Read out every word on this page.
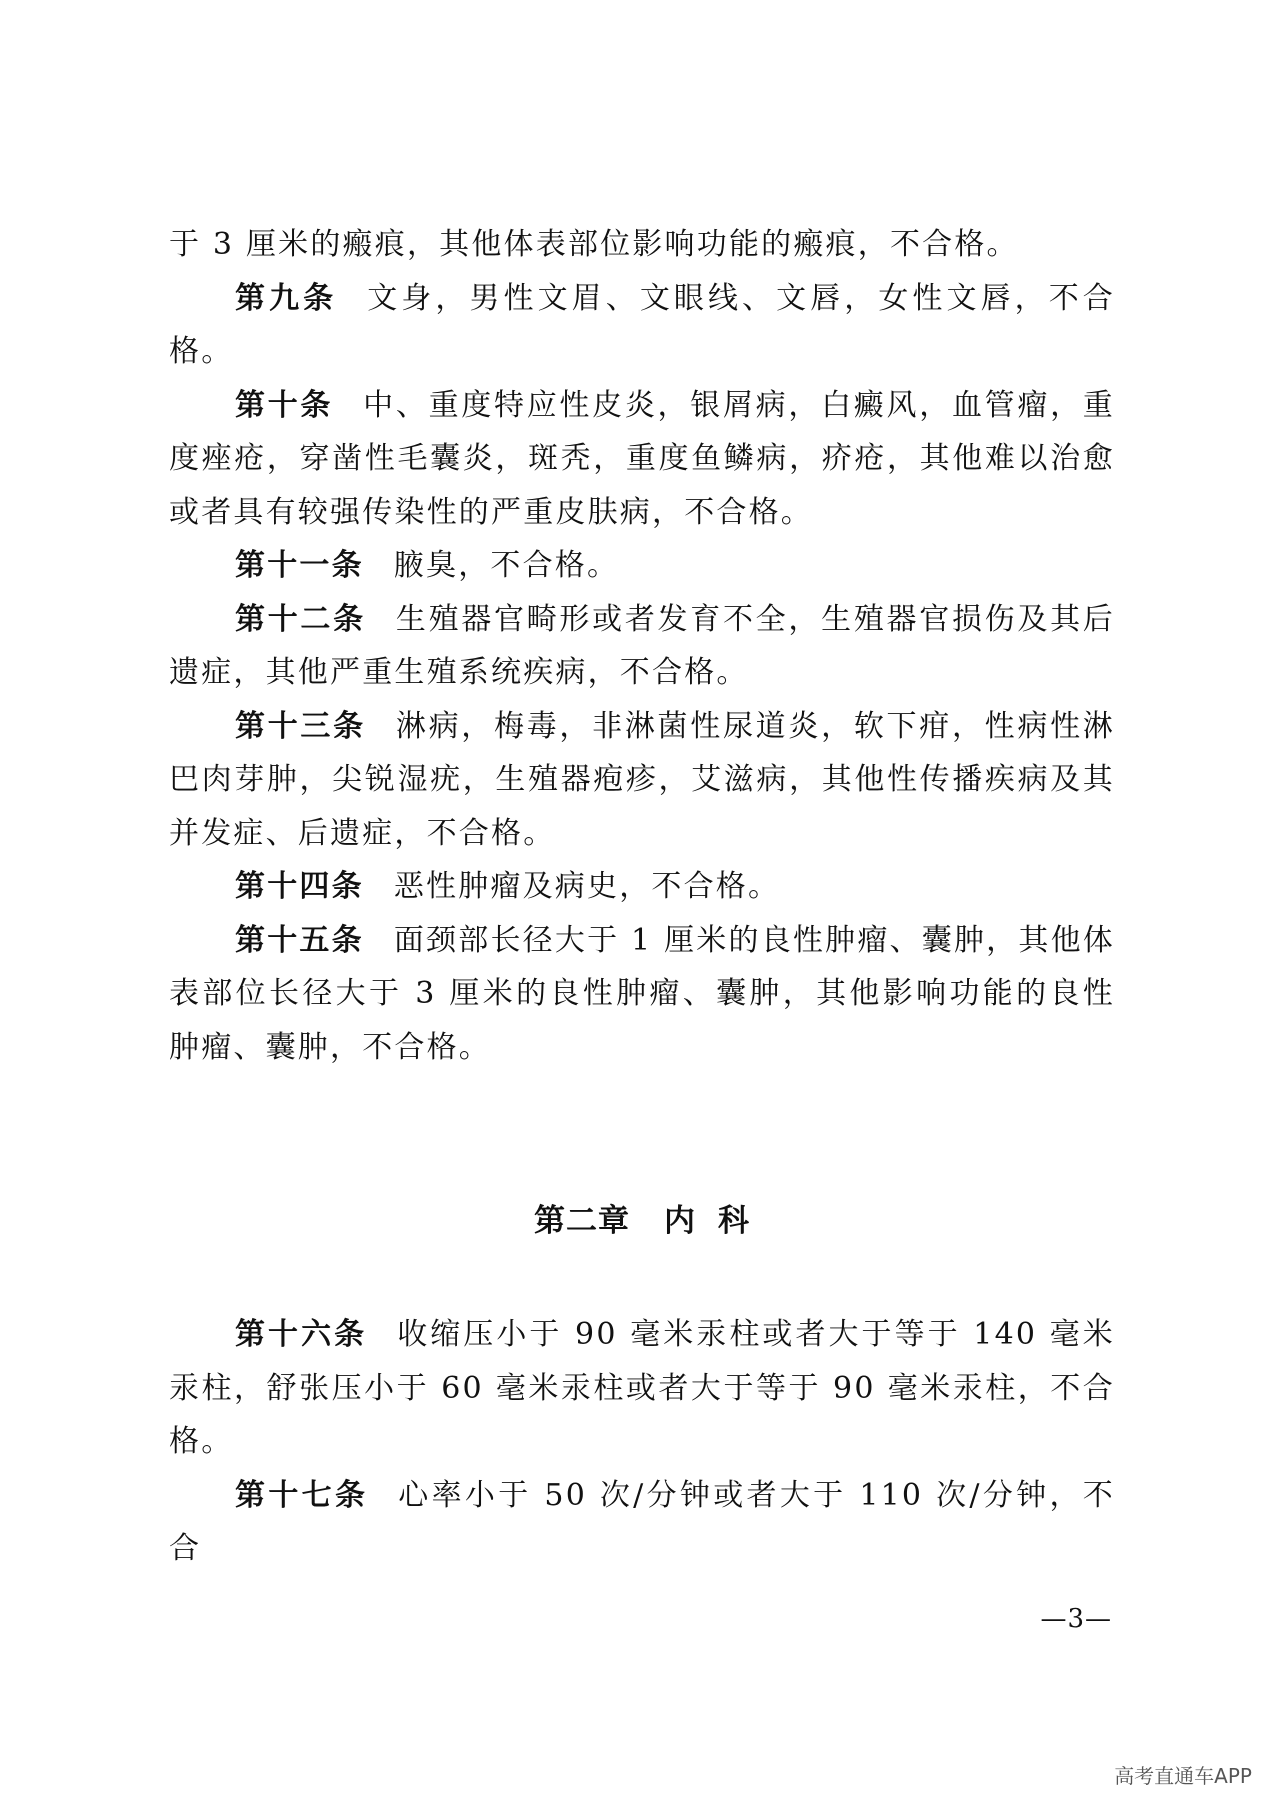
于 3 厘米的瘢痕，其他体表部位影响功能的瘢痕，不合格。

第九条 文身，男性文眉、文眼线、文唇，女性文唇，不合格。

第十条 中、重度特应性皮炎，银屑病，白癜风，血管瘤，重度痤疮，穿凿性毛囊炎，斑秃，重度鱼鳞病，疥疮，其他难以治愈或者具有较强传染性的严重皮肤病，不合格。

第十一条 腋臭，不合格。

第十二条 生殖器官畸形或者发育不全，生殖器官损伤及其后遗症，其他严重生殖系统疾病，不合格。

第十三条 淋病，梅毒，非淋菌性尿道炎，软下疳，性病性淋巴肉芽肿，尖锐湿疣，生殖器疱疹，艾滋病，其他性传播疾病及其并发症、后遗症，不合格。

第十四条 恶性肿瘤及病史，不合格。

第十五条 面颈部长径大于 1 厘米的良性肿瘤、囊肿，其他体表部位长径大于 3 厘米的良性肿瘤、囊肿，其他影响功能的良性肿瘤、囊肿，不合格。

第二章 内 科

第十六条 收缩压小于 90 毫米汞柱或者大于等于 140 毫米汞柱，舒张压小于 60 毫米汞柱或者大于等于 90 毫米汞柱，不合格。

第十七条 心率小于 50 次/分钟或者大于 110 次/分钟，不合

—3—
高考直通车APP
